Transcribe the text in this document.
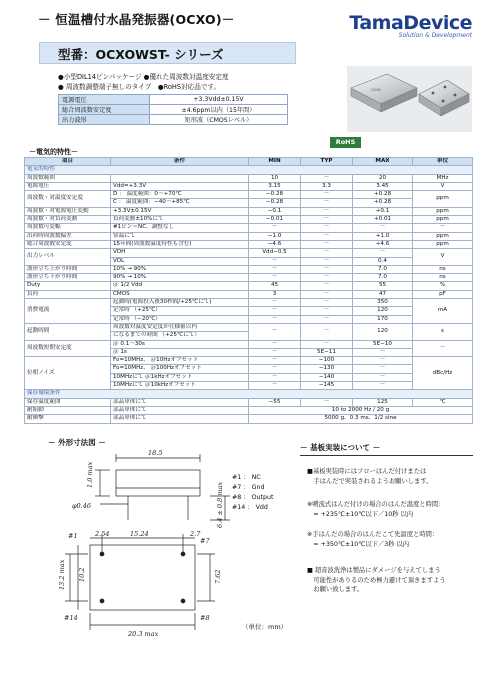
－ 恒温槽付水晶発振器(OCXO)－	TamaDevice
Solution & Development
型番：OCXOWST- シリーズ
●小型DIL14ピンパッケージ ●優れた周波数対温度安定度
● 周波数調整端子無しのタイプ　●RoHS対応品です。
電源電圧	+3.3Vdd±0.15V
総合周波数安定度	±4.6ppm以内（15年間）
出力波形	矩形波（CMOSレベル）
OCXO
RoHS
－電気的特性－
項目	条件	MIN	TYP	MAX	単位
電気的特性					
周波数範囲		10	－	20	MHz
電源電圧	Vdd=+3.3V	3.15	3.3	3.45	V
周波数・対温度安定度	D ： 温度範囲：0〜+70℃	−0.28	－	+0.28	ppm
	C ： 温度範囲：−40〜+85℃	−0.28	－	+0.28	
周波数・対電源電圧変動	+3.3V±0.15V	−0.1	－	+0.1	ppm
周波数・対負荷変動	負荷変動±10%にて	−0.01	－	+0.01	ppm
周波数可変幅	#1ピン＝NC、調整なし	－	－	－	－
出荷時周波数偏差	常温にて	−1.0	－	+1.0	ppm
総合周波数安定度	15年間(周波数温度特性も含む)	−4.6	－	+4.6	ppm
出力レベル	VOH	Vdd−0.5	－	－	V
	VOL	－	－	0.4	
波形立ち上がり時間	10% → 90%	－	－	7.0	ns
波形立ち下がり時間	90% → 10%	－	－	7.0	ns
Duty	＠ 1/2 Vdd	45	－	55	%
負荷	CMOS	3	－	47	pF
消費電流	起動時(電源投入後30秒間/+25℃にて)	－	－	350	mA
	定常時 （+25℃）	－	－	120	
	定常時 （−20℃）	－	－	170	
起動時間	周波数対温度安定度が仕様値以内	－	－	120	s
	になるまでの時間 （+25℃にて）				
周波数短期安定度	＠ 0.1〜30s	－	－	5E−10	－
	＠ 1s	－	5E−11	－	
位相ノイズ	Fo=10MHz、 ＠10Hzオフセット	－	−100	－	dBc/Hz
	Fo=10MHz、 ＠100Hzオフセット	－	−130	－	
	10MHzにて ＠1kHzオフセット	－	−140	－	
	10MHzにて ＠10kHzオフセット	－	−145	－	
保存環境条件					
保存温度範囲	部品単体にて	−55	－	125	℃
耐振動	部品単体にて	10 to 2000 Hz / 20 g			
耐衝撃	部品単体にて	5000 g、0.3 ms、1/2 sine			
－ 外形寸法図 －
18.5
1.0 max
φ0.46	6.4 ± 0.8 max
2.54	15.24	2.7
#1
#7
13.2 max 10.2	7.62
#14	#8
20.3 max
#1 ： NC
#7 ： Gnd
#8 ： Output
#14 ： Vdd
（単位：mm）
－ 基板実装について －
■基板実装時にはフローはんだ付けまたは
　手はんだで実装されるようお願いします。
※噴流式はんだ付けの場合のはんだ温度と時間：
　= +235℃±10℃以下／10秒 以内
※手はんだの場合のはんだこて先温度と時間：
　= +350℃±10℃以下／3秒 以内
■ 超音波洗浄は製品にダメージを与えてしまう
　可能性がありるのため極力避けて頂きますよう
　お願い致します。
